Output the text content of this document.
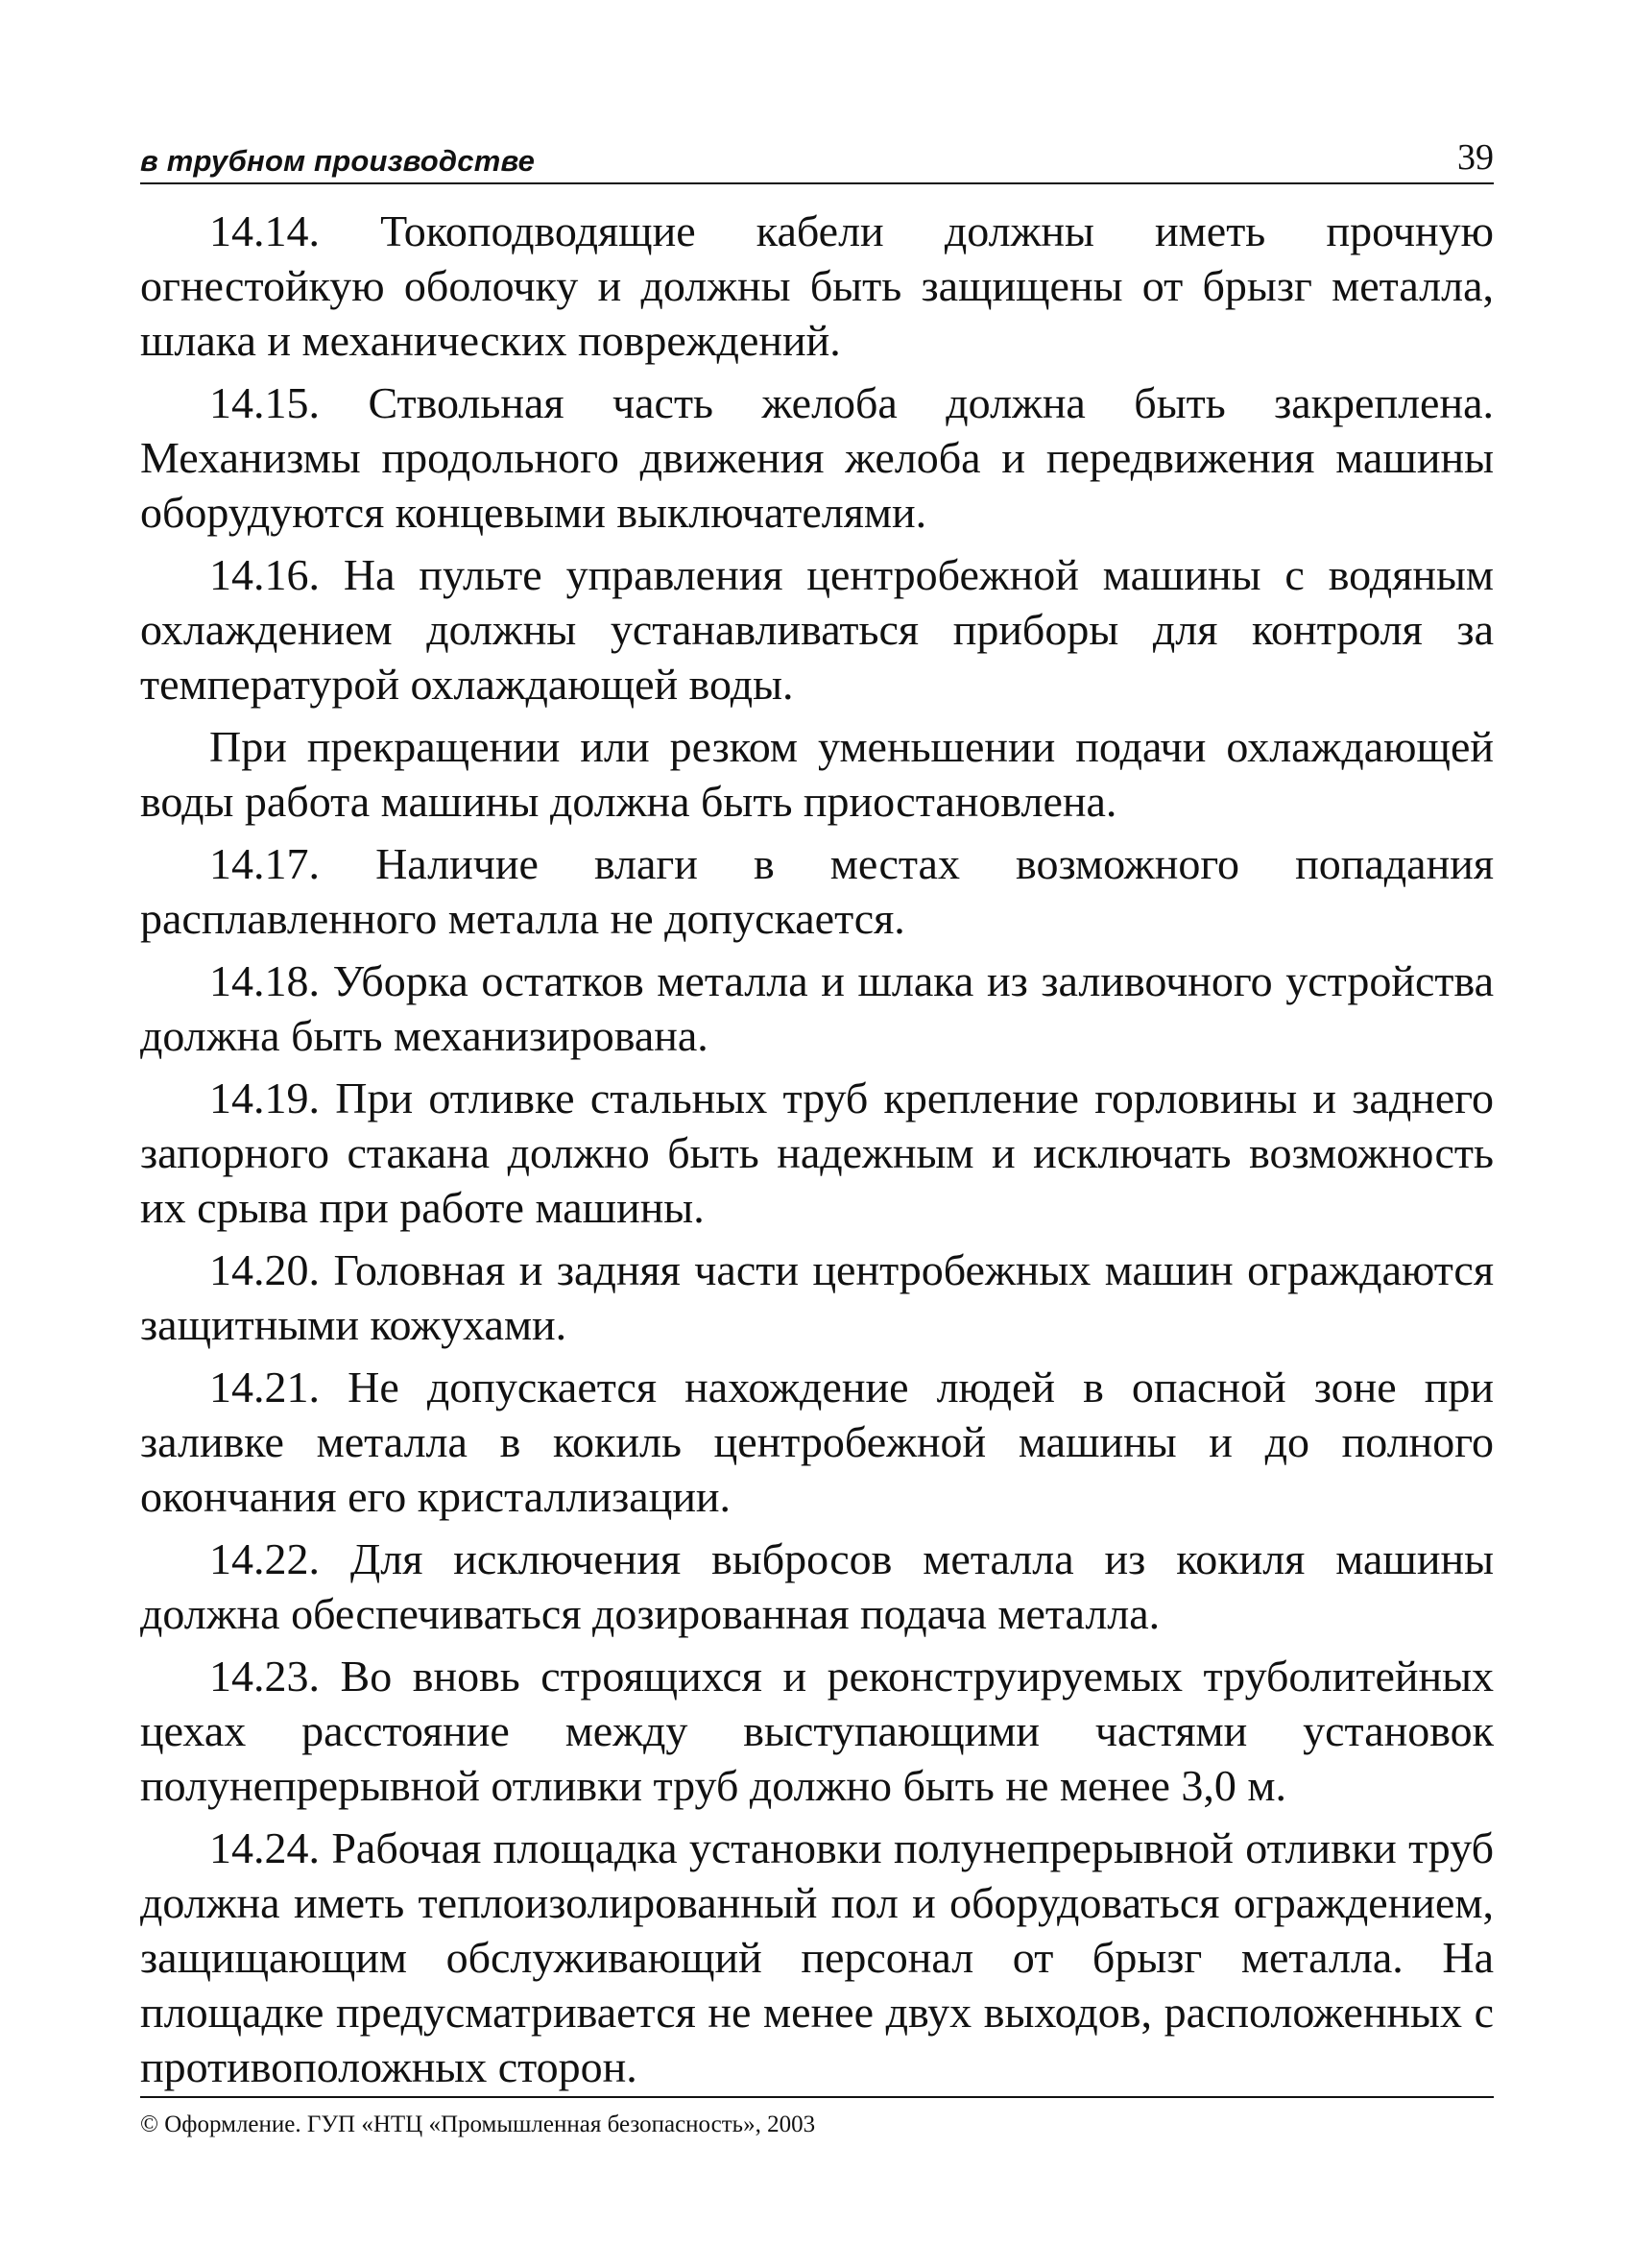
в трубном производстве	39

14.14. Токоподводящие кабели должны иметь прочную огнестойкую оболочку и должны быть защищены от брызг металла, шлака и механических повреждений.

14.15. Ствольная часть желоба должна быть закреплена. Механизмы продольного движения желоба и передвижения машины оборудуются концевыми выключателями.

14.16. На пульте управления центробежной машины с водяным охлаждением должны устанавливаться приборы для контроля за температурой охлаждающей воды.

При прекращении или резком уменьшении подачи охлаждающей воды работа машины должна быть приостановлена.

14.17. Наличие влаги в местах возможного попадания расплавленного металла не допускается.

14.18. Уборка остатков металла и шлака из заливочного устройства должна быть механизирована.

14.19. При отливке стальных труб крепление горловины и заднего запорного стакана должно быть надежным и исключать возможность их срыва при работе машины.

14.20. Головная и задняя части центробежных машин ограждаются защитными кожухами.

14.21. Не допускается нахождение людей в опасной зоне при заливке металла в кокиль центробежной машины и до полного окончания его кристаллизации.

14.22. Для исключения выбросов металла из кокиля машины должна обеспечиваться дозированная подача металла.

14.23. Во вновь строящихся и реконструируемых труболитейных цехах расстояние между выступающими частями установок полунепрерывной отливки труб должно быть не менее 3,0 м.

14.24. Рабочая площадка установки полунепрерывной отливки труб должна иметь теплоизолированный пол и оборудоваться ограждением, защищающим обслуживающий персонал от брызг металла. На площадке предусматривается не менее двух выходов, расположенных с противоположных сторон.

© Оформление. ГУП «НТЦ «Промышленная безопасность», 2003
